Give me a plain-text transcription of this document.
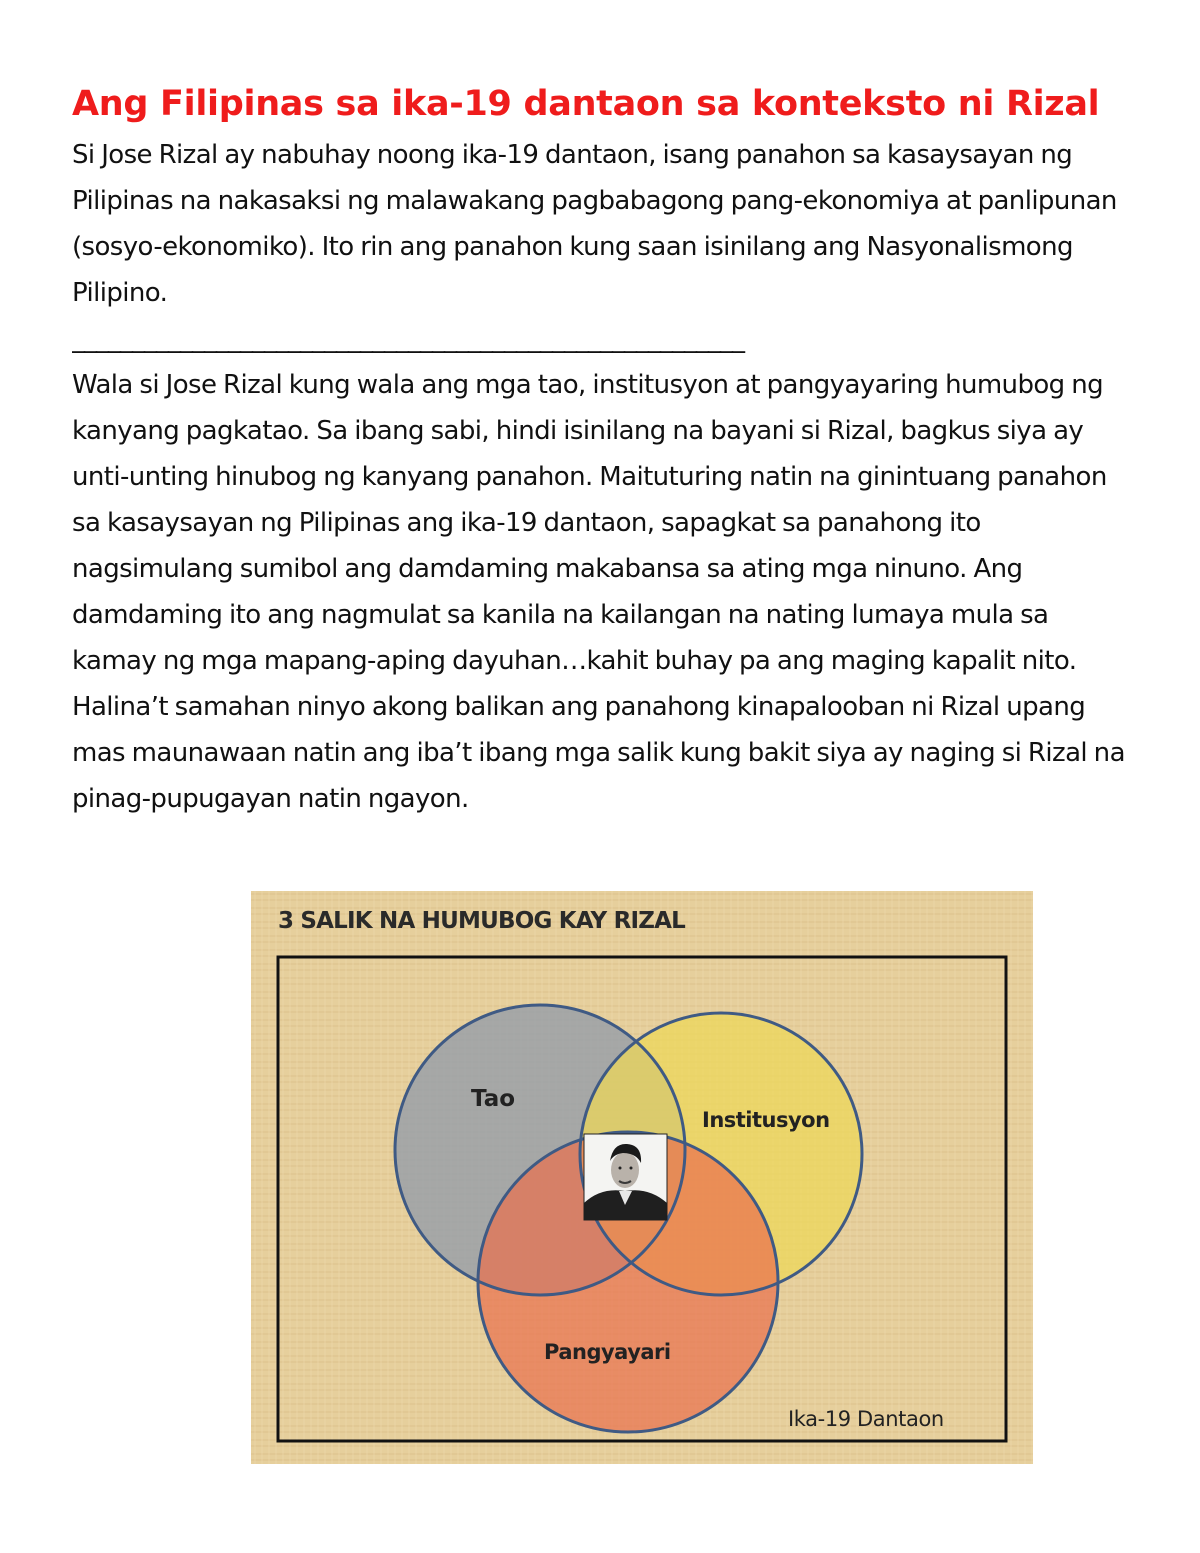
Ang Filipinas sa ika-19 dantaon sa konteksto ni Rizal

Si Jose Rizal ay nabuhay noong ika-19 dantaon, isang panahon sa kasaysayan ng Pilipinas na nakasaksi ng malawakang pagbabagong pang-ekonomiya at panlipunan (sosyo-ekonomiko). Ito rin ang panahon kung saan isinilang ang Nasyonalismong Pilipino.

________________________________________________________

Wala si Jose Rizal kung wala ang mga tao, institusyon at pangyayaring humubog ng kanyang pagkatao. Sa ibang sabi, hindi isinilang na bayani si Rizal, bagkus siya ay unti-unting hinubog ng kanyang panahon. Maituturing natin na ginintuang panahon sa kasaysayan ng Pilipinas ang ika-19 dantaon, sapagkat sa panahong ito nagsimulang sumibol ang damdaming makabansa sa ating mga ninuno. Ang damdaming ito ang nagmulat sa kanila na kailangan na nating lumaya mula sa kamay ng mga mapang-aping dayuhan…kahit buhay pa ang maging kapalit nito. Halina’t samahan ninyo akong balikan ang panahong kinapalooban ni Rizal upang mas maunawaan natin ang iba’t ibang mga salik kung bakit siya ay naging si Rizal na pinag-pupugayan natin ngayon.

3 SALIK NA HUMUBOG KAY RIZAL
Tao
Institusyon
Pangyayari
Ika-19 Dantaon
